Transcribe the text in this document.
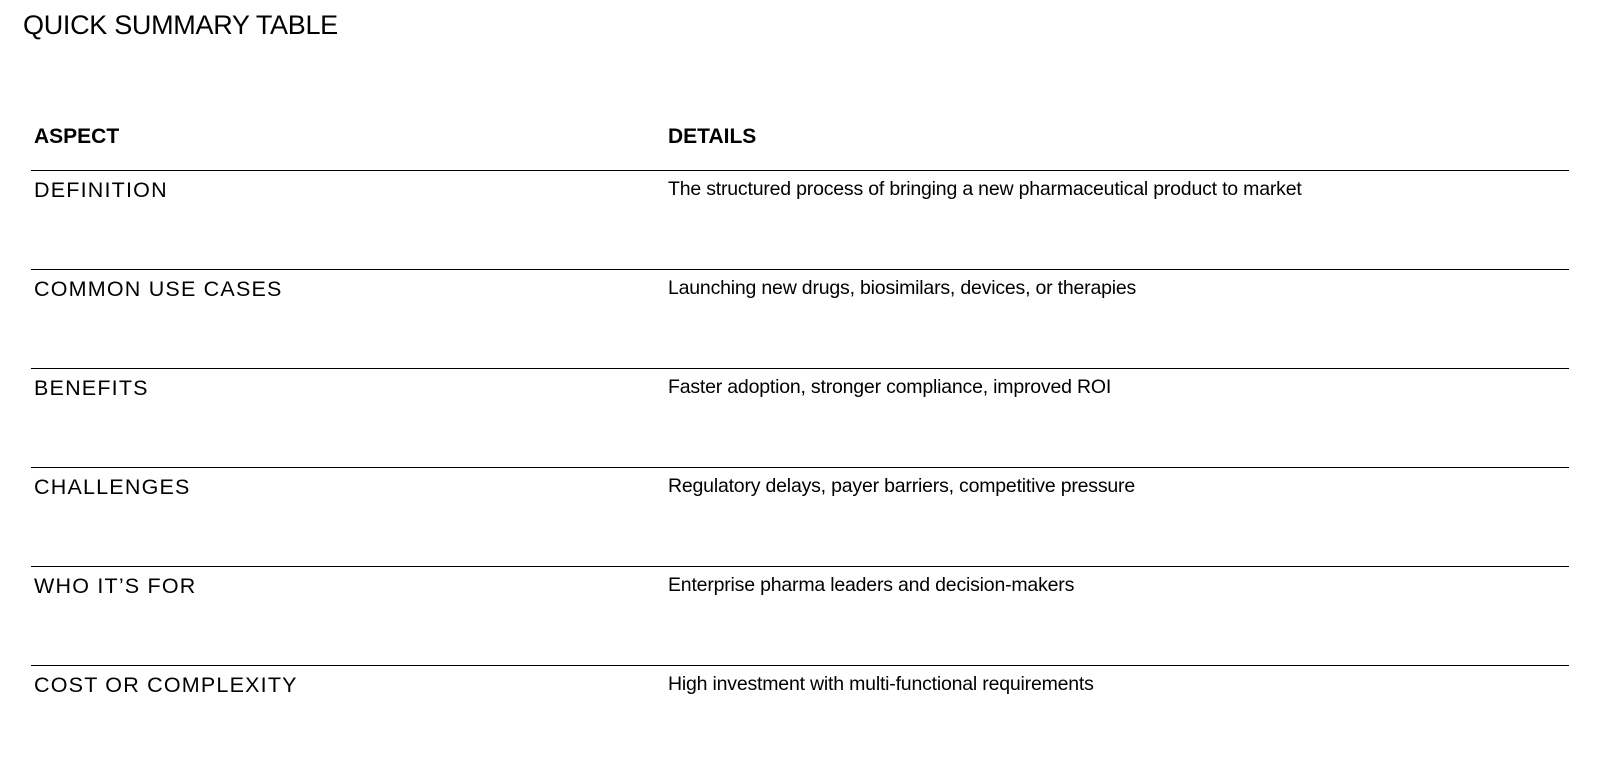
QUICK SUMMARY TABLE
ASPECT	DETAILS
DEFINITION	The structured process of bringing a new pharmaceutical product to market
COMMON USE CASES	Launching new drugs, biosimilars, devices, or therapies
BENEFITS	Faster adoption, stronger compliance, improved ROI
CHALLENGES	Regulatory delays, payer barriers, competitive pressure
WHO IT’S FOR	Enterprise pharma leaders and decision-makers
COST OR COMPLEXITY	High investment with multi-functional requirements
